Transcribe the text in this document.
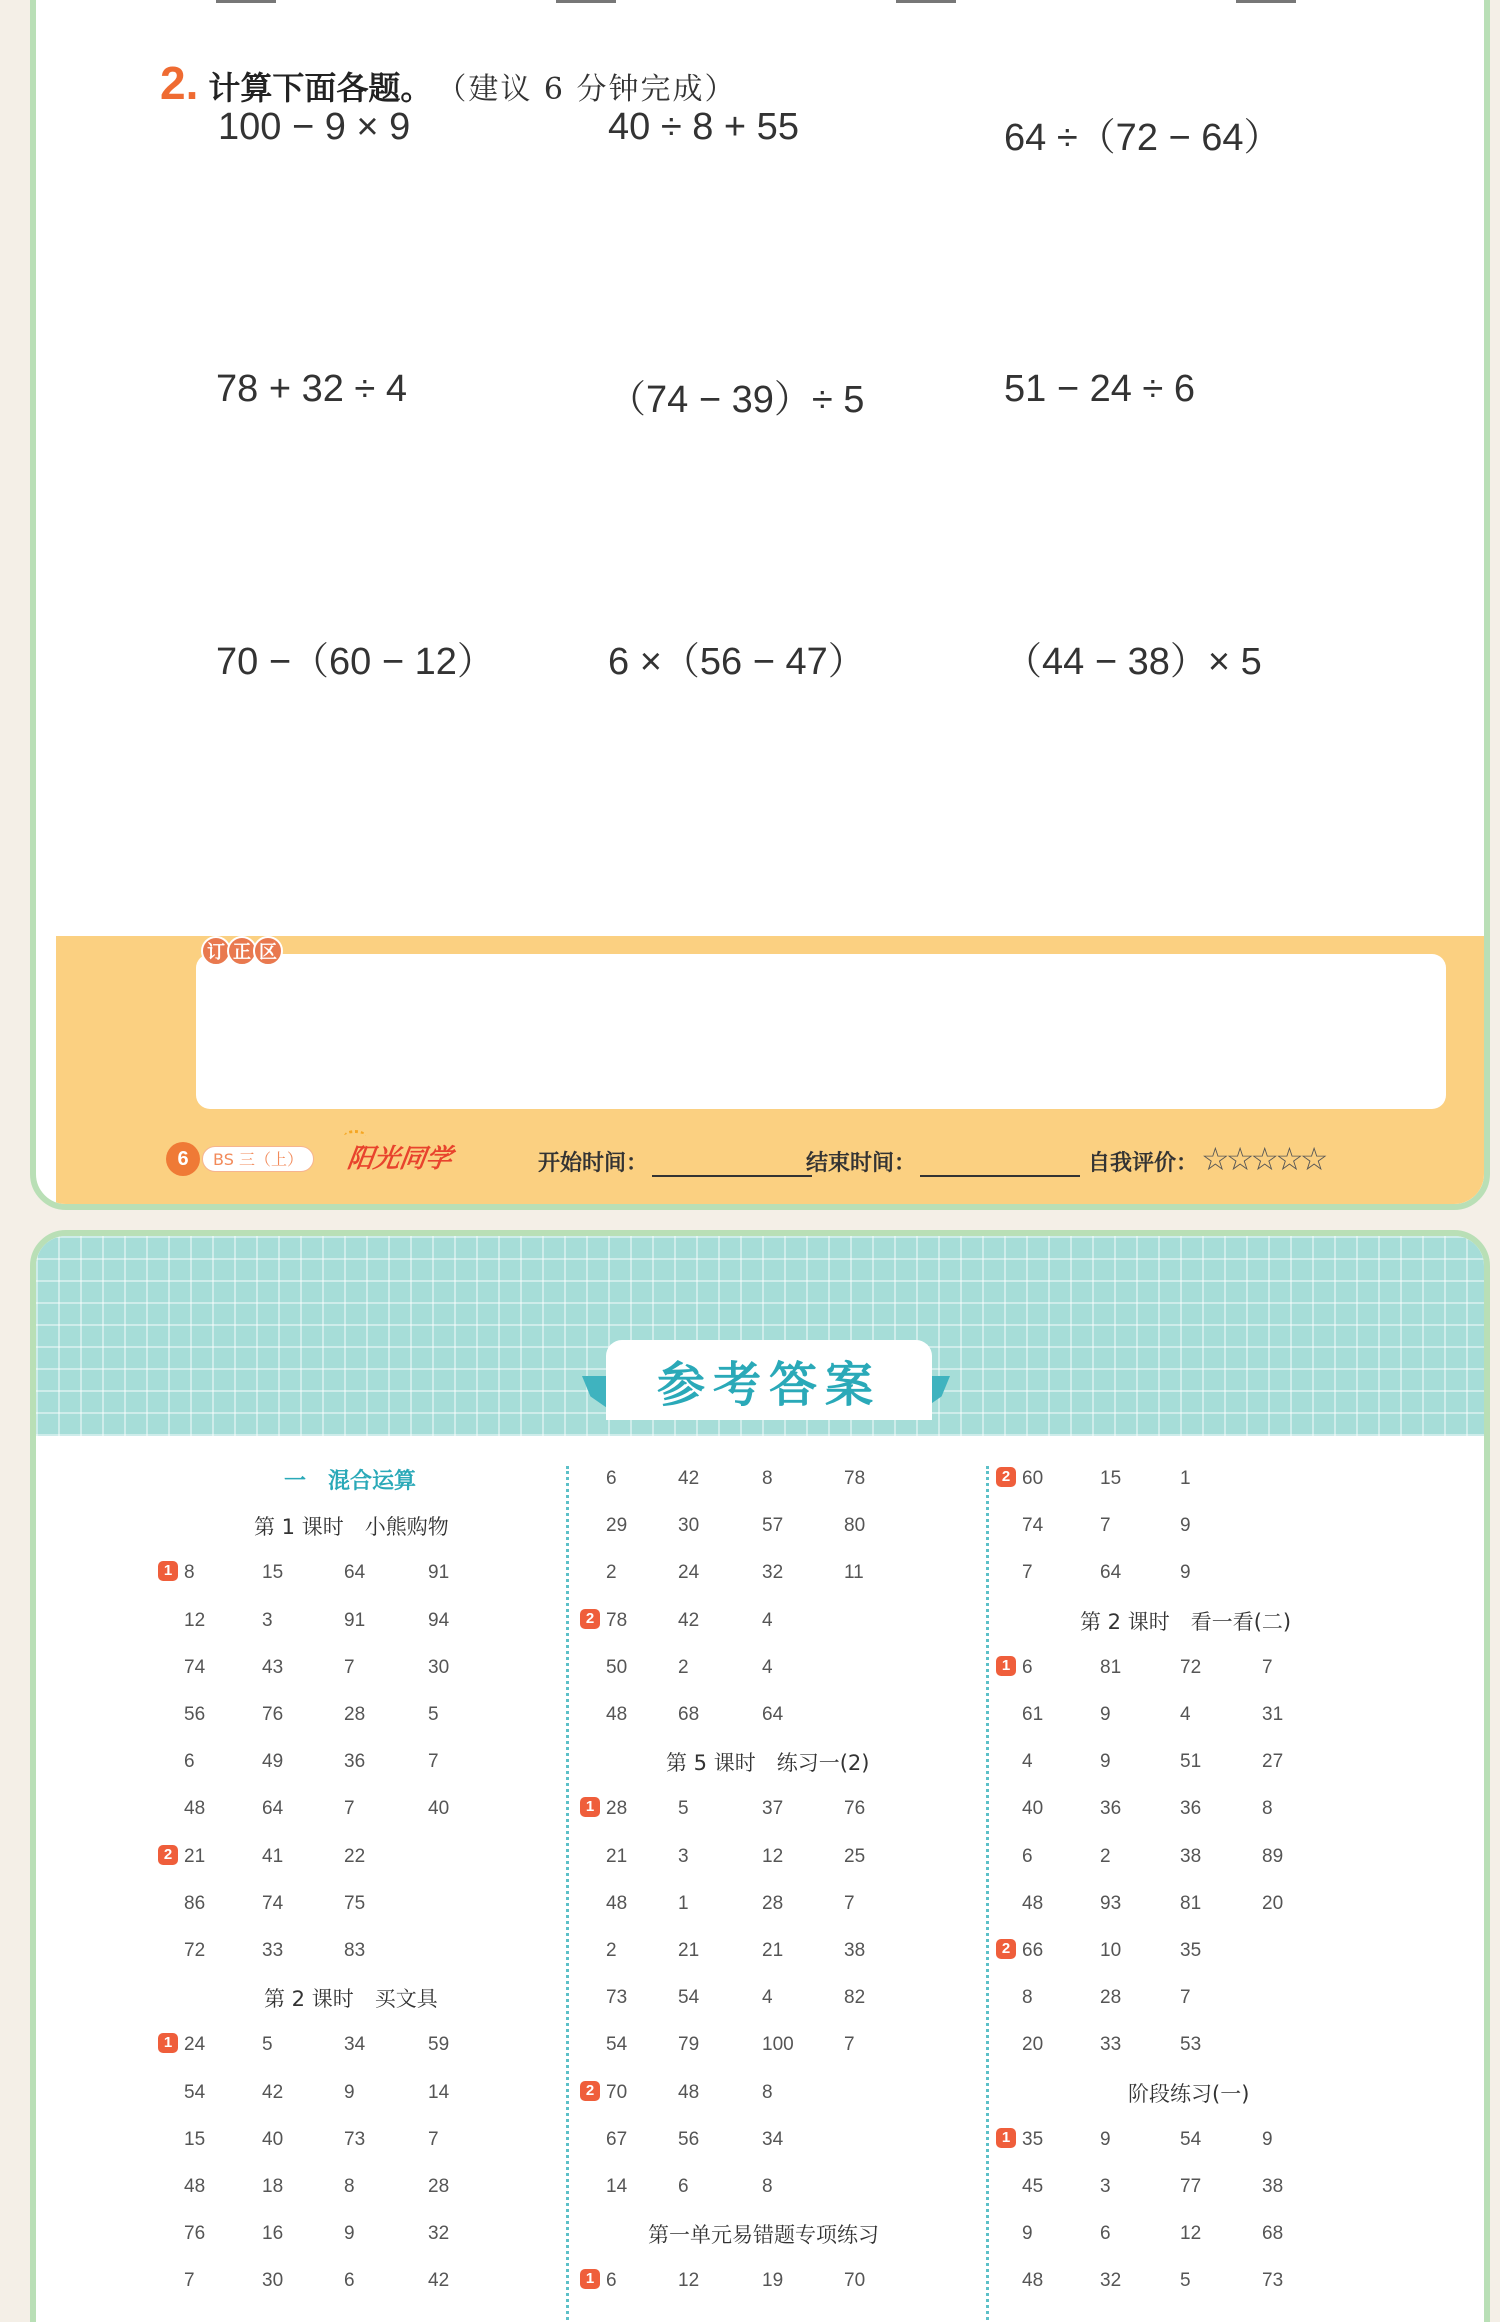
2. 计算下面各题。 （建议 6 分钟完成）
100 − 9 × 9	40 ÷ 8 + 55	64 ÷（72 − 64）
78 + 32 ÷ 4	（74 − 39）÷ 5	51 − 24 ÷ 6
70 −（60 − 12）	6 ×（56 − 47）	（44 − 38）× 5
订 正 区
6	BS 三（上）	阳光同学	开始时间：	结束时间：	自我评价： ☆☆☆☆☆
参考答案
一　混合运算
第 1 课时　小熊购物
1 8	15	64	91
12	3	91	94
74	43	7	30
56	76	28	5
6	49	36	7
48	64	7	40
2 21	41	22
86	74	75
72	33	83
第 2 课时　买文具
1 24	5	34	59
54	42	9	14
15	40	73	7
48	18	8	28
76	16	9	32
7	30	6	42
6	42	8	78
29	30	57	80
2	24	32	11
2 78	42	4
50	2	4
48	68	64
第 5 课时　练习一(2)
1 28	5	37	76
21	3	12	25
48	1	28	7
2	21	21	38
73	54	4	82
54	79	100	7
2 70	48	8
67	56	34
14	6	8
第一单元易错题专项练习
1 6	12	19	70
2 60	15	1
74	7	9
7	64	9
第 2 课时　看一看(二)
1 6	81	72	7
61	9	4	31
4	9	51	27
40	36	36	8
6	2	38	89
48	93	81	20
2 66	10	35
8	28	7
20	33	53
阶段练习(一)
1 35	9	54	9
45	3	77	38
9	6	12	68
48	32	5	73
